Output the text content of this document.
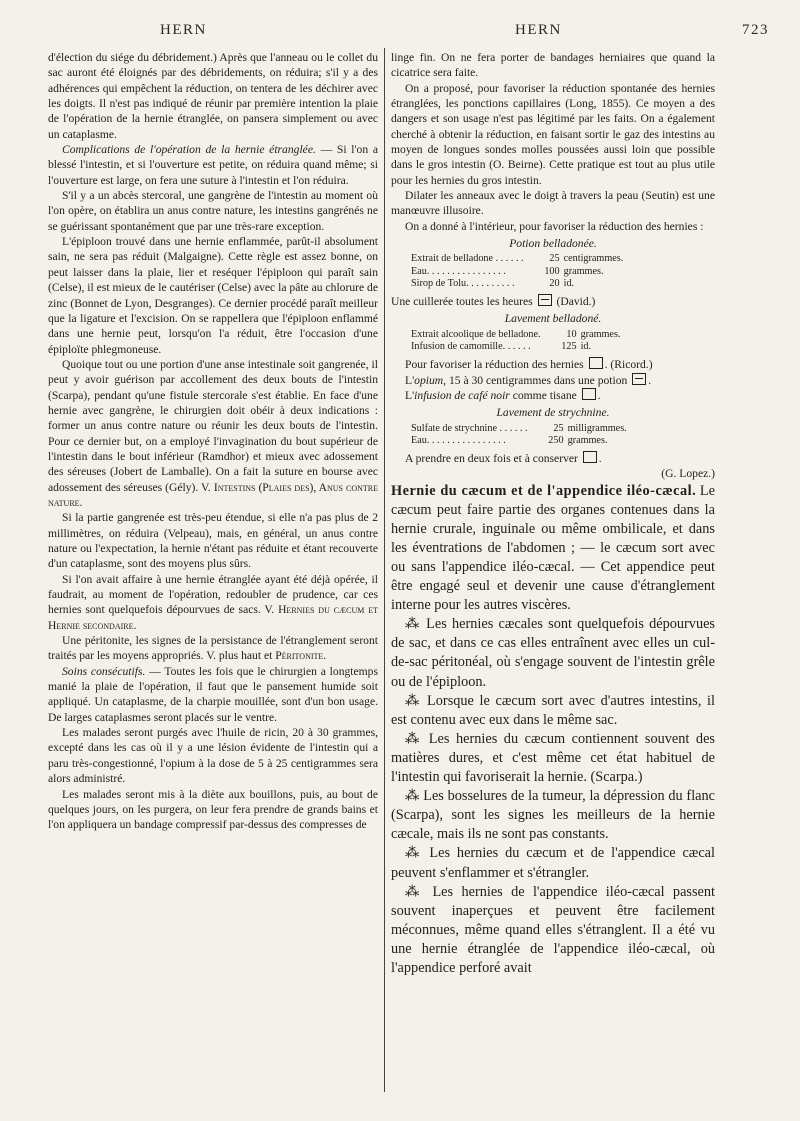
HERN	HERN	723

d'élection du siége du débridement.) Après que l'anneau ou le collet du sac auront été éloignés par des débridements, on réduira; s'il y a des adhérences qui empêchent la réduction, on tentera de les déchirer avec les doigts. Il n'est pas indiqué de réunir par première intention la plaie de l'opération de la hernie étranglée, on pansera simplement ou avec un cataplasme.

Complications de l'opération de la hernie étranglée. — Si l'on a blessé l'intestin, et si l'ouverture est petite, on réduira quand même; si l'ouverture est large, on fera une suture à l'intestin et l'on réduira.

S'il y a un abcès stercoral, une gangrène de l'intestin au moment où l'on opère, on établira un anus contre nature, les intestins gangrénés ne se guérissant spontanément que par une très-rare exception.

L'épiploon trouvé dans une hernie enflammée, parût-il absolument sain, ne sera pas réduit (Malgaigne). Cette règle est assez bonne, on peut laisser dans la plaie, lier et reséquer l'épiploon qui paraît sain (Celse), il est mieux de le cautériser (Celse) avec la pâte au chlorure de zinc (Bonnet de Lyon, Desgranges). Ce dernier procédé paraît meilleur que la ligature et l'excision. On se rappellera que l'épiploon enflammé dans une hernie peut, lorsqu'on l'a réduit, être l'occasion d'une épiploïte phlegmoneuse.

Quoique tout ou une portion d'une anse intestinale soit gangrenée, il peut y avoir guérison par accollement des deux bouts de l'intestin (Scarpa), pendant qu'une fistule stercorale s'est établie. En face d'une hernie avec gangrène, le chirurgien doit obéir à deux indications : former un anus contre nature ou réunir les deux bouts de l'intestin. Pour ce dernier but, on a employé l'invagination du bout supérieur de l'intestin dans le bout inférieur (Ramdhor) et mieux avec adossement des séreuses (Jobert de Lamballe). On a fait la suture en bourse avec adossement des séreuses (Gély). V. Intestins (Plaies des), Anus contre nature.

Si la partie gangrenée est très-peu étendue, si elle n'a pas plus de 2 millimètres, on réduira (Velpeau), mais, en général, un anus contre nature ou l'expectation, la hernie n'étant pas réduite et étant recouverte d'un cataplasme, sont des moyens plus sûrs.

Si l'on avait affaire à une hernie étranglée ayant été déjà opérée, il faudrait, au moment de l'opération, redoubler de prudence, car ces hernies sont quelquefois dépourvues de sacs. V. Hernies du cæcum et Hernie secondaire.

Une péritonite, les signes de la persistance de l'étranglement seront traités par les moyens appropriés. V. plus haut et Péritonite.

Soins consécutifs. — Toutes les fois que le chirurgien a longtemps manié la plaie de l'opération, il faut que le pansement humide soit appliqué. Un cataplasme, de la charpie mouillée, sont d'un bon usage. De larges cataplasmes seront placés sur le ventre.

Les malades seront purgés avec l'huile de ricin, 20 à 30 grammes, excepté dans les cas où il y a une lésion évidente de l'intestin qui a paru très-congestionné, l'opium à la dose de 5 à 25 centigrammes sera alors administré.

Les malades seront mis à la diète aux bouillons, puis, au bout de quelques jours, on les purgera, on leur fera prendre de grands bains et l'on appliquera un bandage compressif par-dessus des compresses de

linge fin. On ne fera porter de bandages herniaires que quand la cicatrice sera faite.

On a proposé, pour favoriser la réduction spontanée des hernies étranglées, les ponctions capillaires (Long, 1855). Ce moyen a des dangers et son usage n'est pas légitimé par les faits. On a également cherché à obtenir la réduction, en faisant sortir le gaz des intestins au moyen de longues sondes molles poussées aussi loin que possible dans le gros intestin (O. Beirne). Cette pratique est tout au plus utile pour les hernies du gros intestin.

Dilater les anneaux avec le doigt à travers la peau (Seutin) est une manœuvre illusoire.

On a donné à l'intérieur, pour favoriser la réduction des hernies :

Potion belladonée.

Extrait de belladone . . . . . .	25	centigrammes.
Eau. . . . . . . . . . . . . . . .	100	grammes.
Sirop de Tolu. . . . . . . . . .	20	id.

Une cuillerée toutes les heures (David.)

Lavement belladoné.

Extrait alcoolique de belladone.	10	grammes.
Infusion de camomille. . . . . .	125	id.

Pour favoriser la réduction des hernies . (Ricord.)

L'opium, 15 à 30 centigrammes dans une potion .

L'infusion de café noir comme tisane .

Lavement de strychnine.

Sulfate de strychnine . . . . . .	25	milligrammes.
Eau. . . . . . . . . . . . . . . .	250	grammes.

A prendre en deux fois et à conserver .

(G. Lopez.)

Hernie du cæcum et de l'appendice iléo-cæcal. Le cæcum peut faire partie des organes contenues dans la hernie crurale, inguinale ou même ombilicale, et dans les éventrations de l'abdomen ; — le cæcum sort avec ou sans l'appendice iléo-cæcal. — Cet appendice peut être engagé seul et devenir une cause d'étranglement interne pour les autres viscères.

⁂ Les hernies cæcales sont quelquefois dépourvues de sac, et dans ce cas elles entraînent avec elles un cul-de-sac péritonéal, où s'engage souvent de l'intestin grêle ou de l'épiploon.

⁂ Lorsque le cæcum sort avec d'autres intestins, il est contenu avec eux dans le même sac.

⁂ Les hernies du cæcum contiennent souvent des matières dures, et c'est même cet état habituel de l'intestin qui favoriserait la hernie. (Scarpa.)

⁂ Les bosselures de la tumeur, la dépression du flanc (Scarpa), sont les signes les meilleurs de la hernie cæcale, mais ils ne sont pas constants.

⁂ Les hernies du cæcum et de l'appendice cæcal peuvent s'enflammer et s'étrangler.

⁂ Les hernies de l'appendice iléo-cæcal passent souvent inaperçues et peuvent être facilement méconnues, même quand elles s'étranglent. Il a été vu une hernie étranglée de l'appendice iléo-cæcal, où l'appendice perforé avait
